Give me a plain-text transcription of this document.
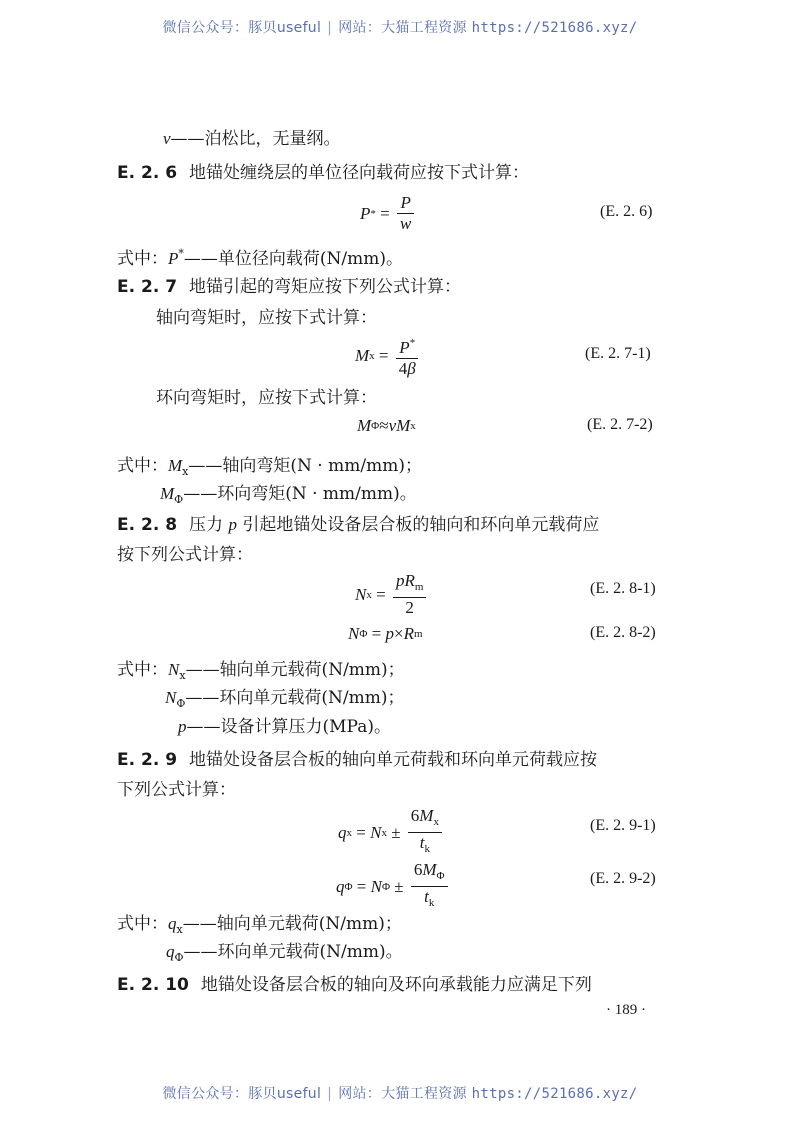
微信公众号：豚贝useful | 网站：大猫工程资源 https://521686.xyz/
ν——泊松比，无量纲。
E. 2. 6 地锚处缠绕层的单位径向载荷应按下式计算：
P * = $\frac{P}{w}$	(E. 2. 6)
式中：P*——单位径向载荷(N/mm)。
E. 2. 7 地锚引起的弯矩应按下列公式计算：
轴向弯矩时，应按下式计算：
M $x = \frac{P^*}{4\beta}$	(E. 2. 7-1)
环向弯矩时，应按下式计算：
M Φ ≈ νM x	(E. 2. 7-2)
式中：$M_x——$轴向弯矩(N · mm/mm)；
$M_\Phi——$环向弯矩(N · mm/mm)。
E. 2. 8 压力 p 引起地锚处设备层合板的轴向和环向单元载荷应
按下列公式计算：
N $x = \frac{pR_m}{2}$	(E. 2. 8-1)
N Φ = p × R m	(E. 2. 8-2)
式中：$N_x——$轴向单元载荷(N/mm)；
$N_\Phi——$环向单元载荷(N/mm)；
p——设备计算压力(MPa)。
E. 2. 9 地锚处设备层合板的轴向单元荷载和环向单元荷载应按
下列公式计算：
q x = N $x \pm \frac{6M_x}{t_k}$	(E. 2. 9-1)
q Φ = N $\Phi \pm \frac{6M_\Phi}{t_k}$	(E. 2. 9-2)
式中：$q_x——$轴向单元载荷(N/mm)；
$q_\Phi——$环向单元载荷(N/mm)。
E. 2. 10 地锚处设备层合板的轴向及环向承载能力应满足下列
· 189 ·
微信公众号：豚贝useful | 网站：大猫工程资源 https://521686.xyz/
